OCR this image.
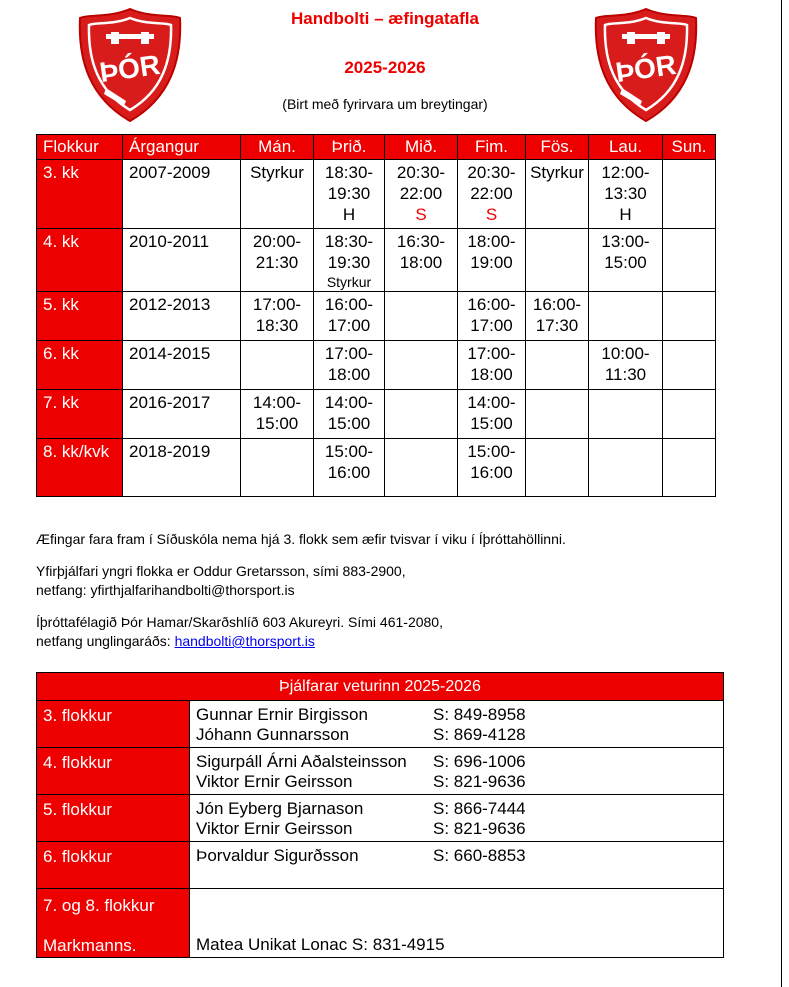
ÞÓR	ÞÓR
Handbolti – æfingatafla
2025-2026
(Birt með fyrirvara um breytingar)
Flokkur	Árgangur	Mán.	Þrið.	Mið.	Fim.	Fös.	Lau.	Sun.
3. kk	2007-2009	Styrkur	18:30-
19:30
H	20:30-
22:00
S	20:30-
22:00
S	Styrkur	12:00-
13:30
H	

4. kk	2010-2011	20:00-
21:30	18:30-
19:30
Styrkur	16:30-
18:00	18:00-
19:00		13:00-
15:00	

5. kk	2012-2013	17:00-
18:30	16:00-
17:00		16:00-
17:00	16:00-
17:30		

6. kk	2014-2015		17:00-
18:00		17:00-
18:00		10:00-
11:30	

7. kk	2016-2017	14:00-
15:00	14:00-
15:00		14:00-
15:00			

8. kk/kvk	2018-2019		15:00-
16:00		15:00-
16:00			

Æfingar fara fram í Síðuskóla nema hjá 3. flokk sem æfir tvisvar í viku í Íþróttahöllinni.

Yfirþjálfari yngri flokka er Oddur Gretarsson, sími 883-2900,
netfang: yfirthjalfarihandbolti@thorsport.is

Íþróttafélagið Þór Hamar/Skarðshlíð 603 Akureyri. Sími 461-2080,
netfang unglingaráðs: handbolti@thorsport.is

Þjálfarar veturinn 2025-2026	
3. flokkur	Gunnar Ernir Birgisson S: 849-8958
Jóhann Gunnarsson S: 869-4128

4. flokkur	Sigurpáll Árni Aðalsteinsson S: 696-1006
Viktor Ernir Geirsson S: 821-9636

5. flokkur	Jón Eyberg Bjarnason S: 866-7444
Viktor Ernir Geirsson S: 821-9636

6. flokkur	Þorvaldur Sigurðsson S: 660-8853

7. og 8. flokkur
Markmanns.	Matea Unikat Lonac S: 831-4915
